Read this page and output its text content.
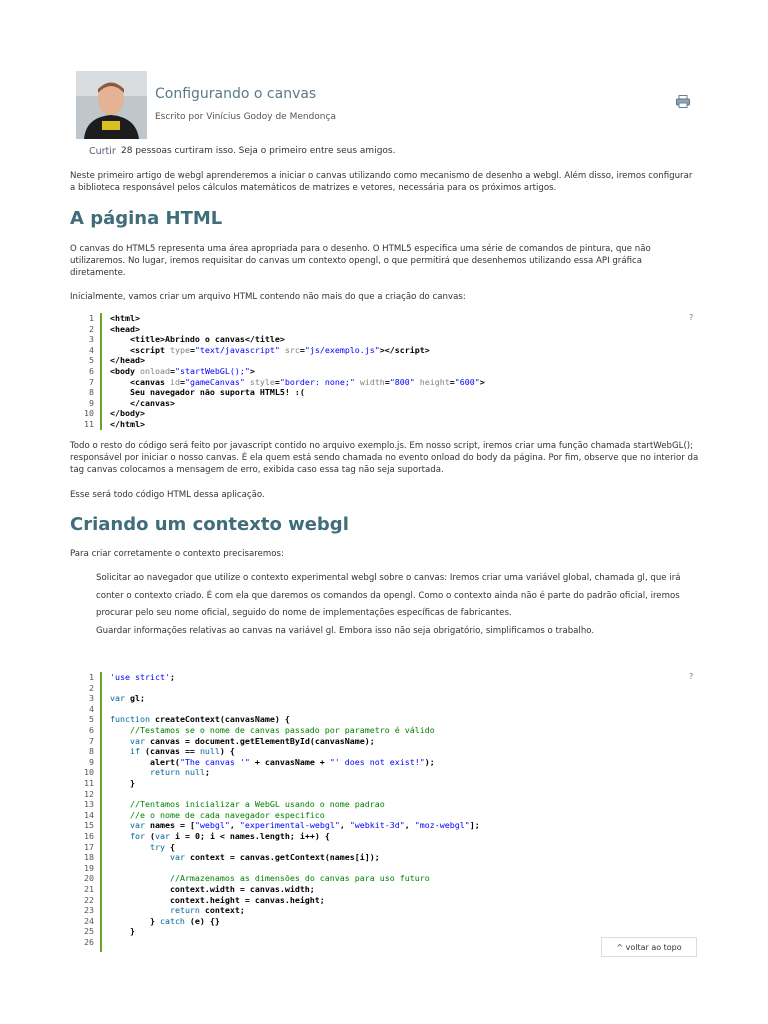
Configurando o canvas
Escrito por Vinícius Godoy de Mendonça
Curtir 28 pessoas curtiram isso. Seja o primeiro entre seus amigos.
Neste primeiro artigo de webgl aprenderemos a iniciar o canvas utilizando como mecanismo de desenho a webgl. Além disso, iremos configurar a biblioteca responsável pelos cálculos matemáticos de matrizes e vetores, necessária para os próximos artigos.
A página HTML
O canvas do HTML5 representa uma área apropriada para o desenho. O HTML5 especifica uma série de comandos de pintura, que não utilizaremos. No lugar, iremos requisitar do canvas um contexto opengl, o que permitirá que desenhemos utilizando essa API gráfica diretamente.
Inicialmente, vamos criar um arquivo HTML contendo não mais do que a criação do canvas:
?
1 <html>
2 <head>
3 <title>Abrindo o canvas</title>
4 <script type="text/javascript" src="js/exemplo.js"></script>
5 </head>
6 <body onload="startWebGL();">
7 <canvas id="gameCanvas" style="border: none;" width="800" height="600">
8 Seu navegador não suporta HTML5! :(
9 </canvas>
10 </body>
11 </html>
Todo o resto do código será feito por javascript contido no arquivo exemplo.js. Em nosso script, iremos criar uma função chamada startWebGL(); responsável por iniciar o nosso canvas. É ela quem está sendo chamada no evento onload do body da página. Por fim, observe que no interior da tag canvas colocamos a mensagem de erro, exibida caso essa tag não seja suportada.
Esse será todo código HTML dessa aplicação.
Criando um contexto webgl
Para criar corretamente o contexto precisaremos:
Solicitar ao navegador que utilize o contexto experimental webgl sobre o canvas: Iremos criar uma variável global, chamada gl, que irá conter o contexto criado. É com ela que daremos os comandos da opengl. Como o contexto ainda não é parte do padrão oficial, iremos procurar pelo seu nome oficial, seguido do nome de implementações específicas de fabricantes.
Guardar informações relativas ao canvas na variável gl. Embora isso não seja obrigatório, simplificamos o trabalho.
?
1 'use strict';
2
3 var gl;
4
5 function createContext(canvasName) {
6	//Testamos se o nome de canvas passado por parametro é válido
7	var canvas = document.getElementById(canvasName);
8	if (canvas == null) {
9 alert("The canvas '" + canvasName + "' does not exist!");
10	return null;
11 }
12
13	//Tentamos inicializar a WebGL usando o nome padrao
14	//e o nome de cada navegador especifico
15	var names = ["webgl", "experimental-webgl", "webkit-3d", "moz-webgl"];
16	for (var i = 0; i < names.length; i++) {
17	try {
18	var context = canvas.getContext(names[i]);
19
20	//Armazenamos as dimensões do canvas para uso futuro
21 context.width = canvas.width;
22 context.height = canvas.height;
23	return context;
24 } catch (e) {}
25 }
26	^ voltar ao topo
